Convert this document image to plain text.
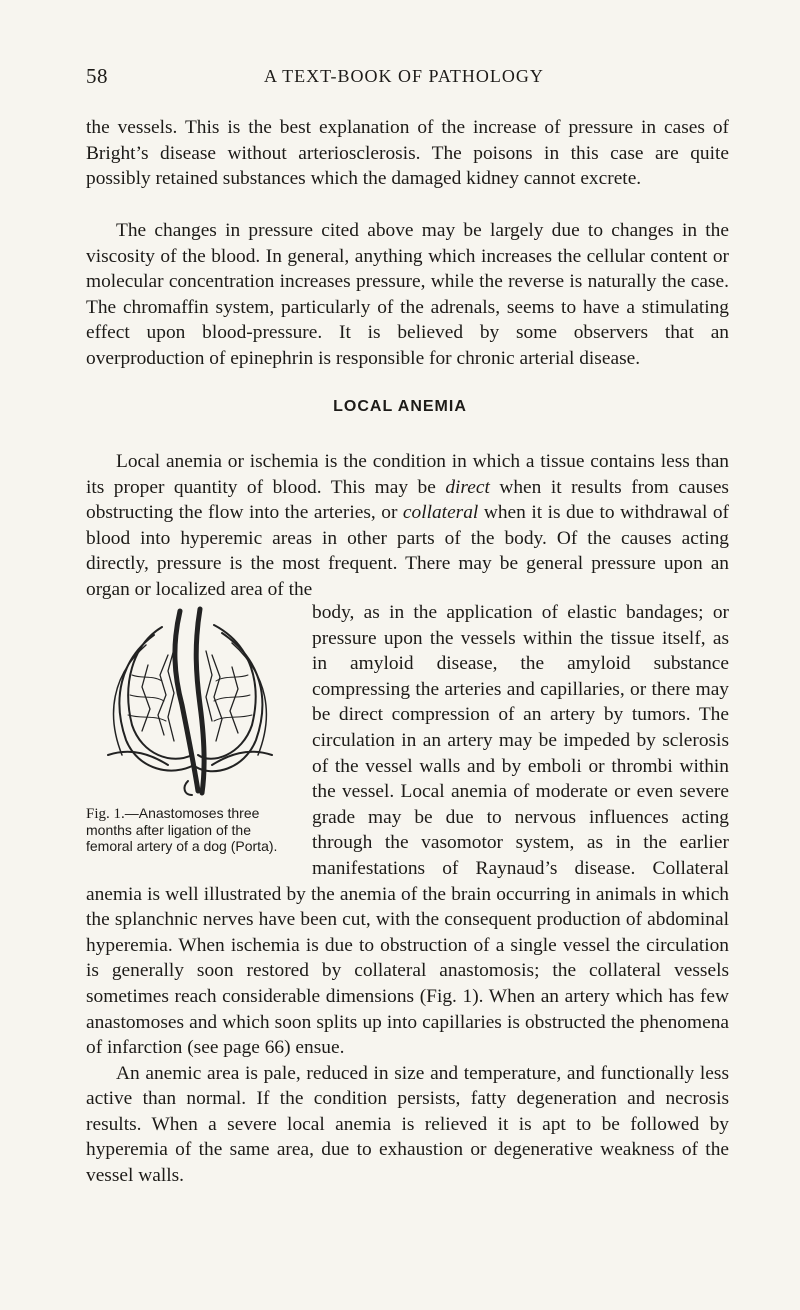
58	A TEXT-BOOK OF PATHOLOGY

the vessels. This is the best explanation of the increase of pressure in cases of Bright’s disease without arteriosclerosis. The poisons in this case are quite possibly retained substances which the damaged kidney cannot excrete.

The changes in pressure cited above may be largely due to changes in the viscosity of the blood. In general, anything which increases the cellular content or molecular concentration increases pressure, while the reverse is naturally the case. The chromaffin system, particularly of the adrenals, seems to have a stimulating effect upon blood-pressure. It is believed by some observers that an overproduction of epinephrin is responsible for chronic arterial disease.

LOCAL ANEMIA
Local anemia or ischemia is the condition in which a tissue contains less than its proper quantity of blood. This may be direct when it results from causes obstructing the flow into the arteries, or collateral when it is due to withdrawal of blood into hyperemic areas in other parts of the body. Of the causes acting directly, pressure is the most frequent. There may be general pressure upon an organ or localized area of the
Fig. 1.—Anastomoses three months after ligation of the femoral artery of a dog (Porta).

body, as in the application of elastic bandages; or pressure upon the vessels within the tissue itself, as in amyloid disease, the amyloid substance compressing the arteries and capillaries, or there may be direct compression of an artery by tumors. The circulation in an artery may be impeded by sclerosis of the vessel walls and by emboli or thrombi within the vessel. Local anemia of moderate or even severe grade may be due to nervous influences acting through the vasomotor system, as in the earlier manifestations of Raynaud’s disease. Collateral anemia is well illustrated by the anemia of the brain occurring in animals in which the splanchnic nerves have been cut, with the consequent production of abdominal hyperemia. When ischemia is due to obstruction of a single vessel the circulation is generally soon restored by collateral anastomosis; the collateral vessels sometimes reach considerable dimensions (Fig. 1). When an artery which has few anastomoses and which soon splits up into capillaries is obstructed the phenomena of infarction (see page 66) ensue.

An anemic area is pale, reduced in size and temperature, and functionally less active than normal. If the condition persists, fatty degeneration and necrosis results. When a severe local anemia is relieved it is apt to be followed by hyperemia of the same area, due to exhaustion or degenerative weakness of the vessel walls.
